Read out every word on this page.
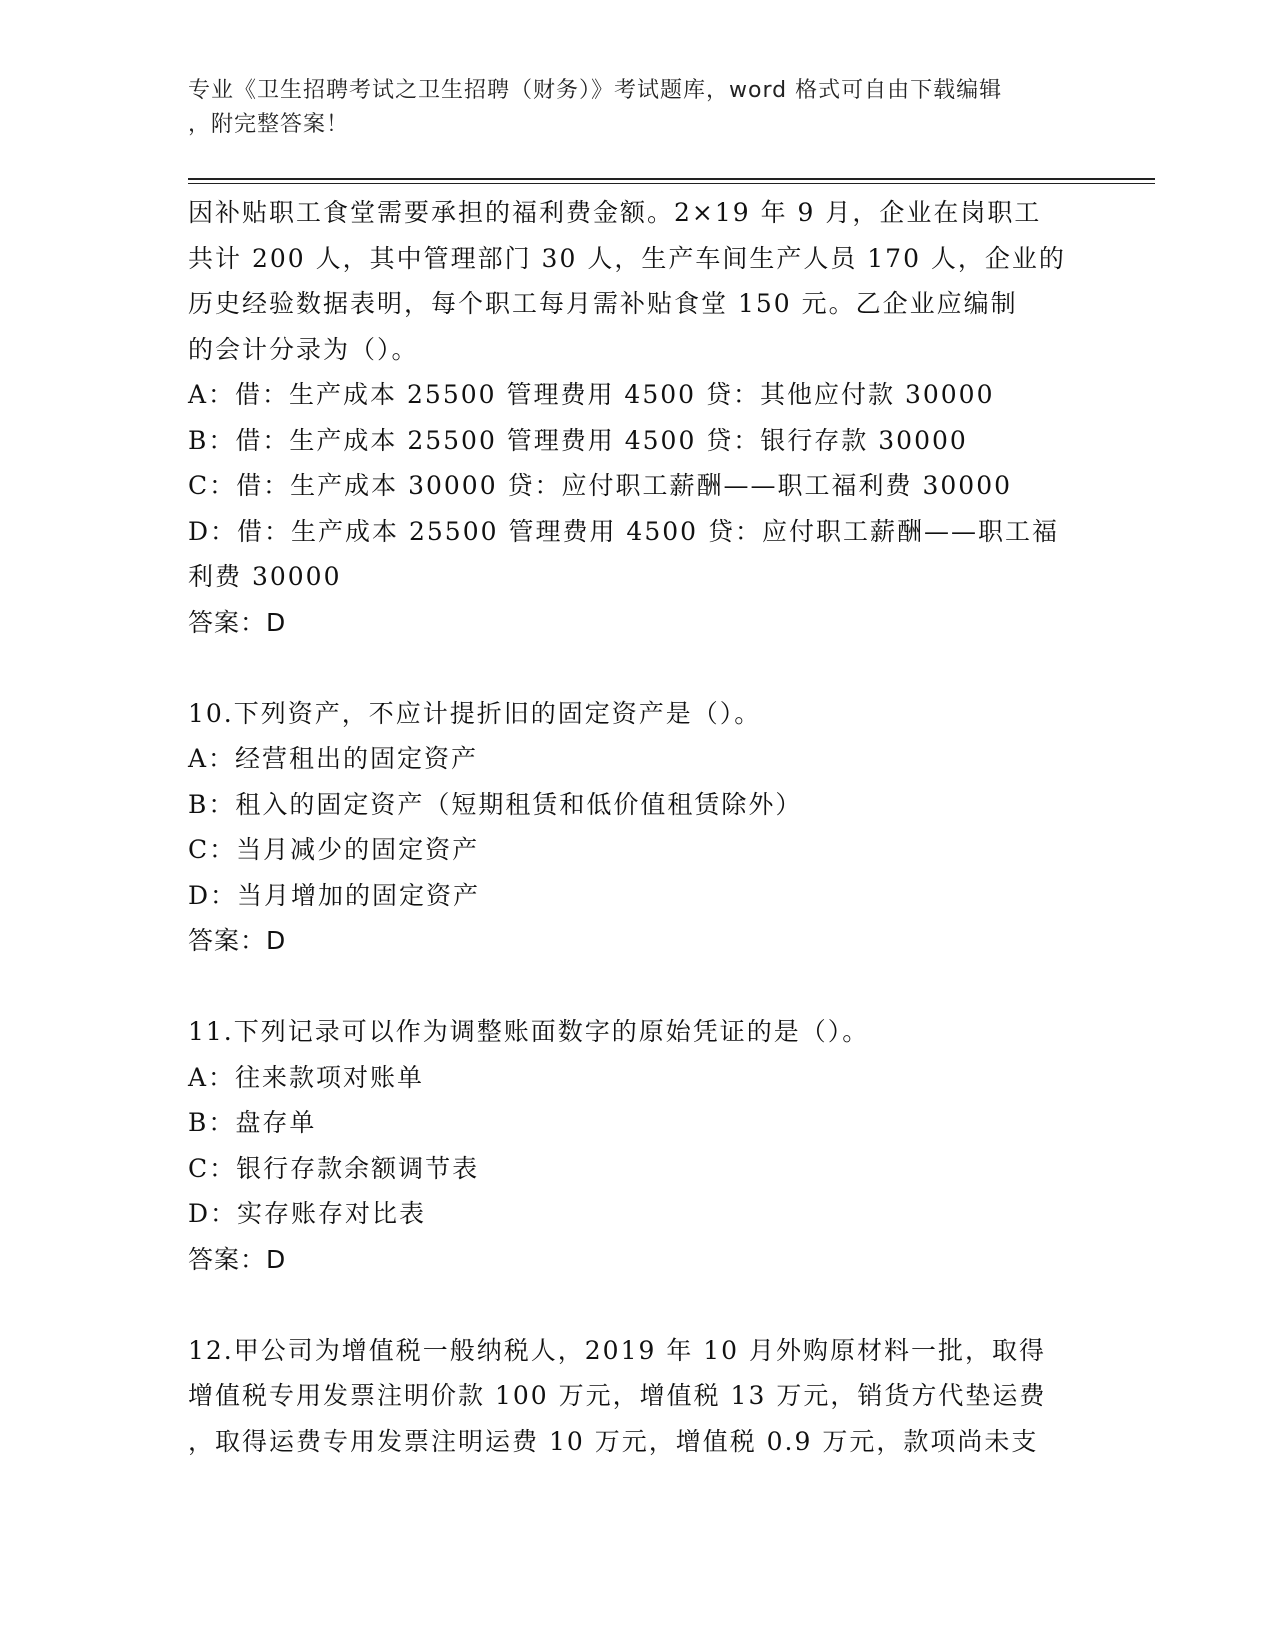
专业《卫生招聘考试之卫生招聘（财务）》考试题库，word 格式可自由下载编辑
，附完整答案！
因补贴职工食堂需要承担的福利费金额。2×19 年 9 月，企业在岗职工
共计 200 人，其中管理部门 30 人，生产车间生产人员 170 人，企业的
历史经验数据表明，每个职工每月需补贴食堂 150 元。乙企业应编制
的会计分录为（）。
A：借：生产成本 25500 管理费用 4500 贷：其他应付款 30000
B：借：生产成本 25500 管理费用 4500 贷：银行存款 30000
C：借：生产成本 30000 贷：应付职工薪酬——职工福利费 30000
D：借：生产成本 25500 管理费用 4500 贷：应付职工薪酬——职工福
利费 30000
答案：D
10.下列资产，不应计提折旧的固定资产是（）。
A：经营租出的固定资产
B：租入的固定资产（短期租赁和低价值租赁除外）
C：当月减少的固定资产
D：当月增加的固定资产
答案：D
11.下列记录可以作为调整账面数字的原始凭证的是（）。
A：往来款项对账单
B：盘存单
C：银行存款余额调节表
D：实存账存对比表
答案：D
12.甲公司为增值税一般纳税人，2019 年 10 月外购原材料一批，取得
增值税专用发票注明价款 100 万元，增值税 13 万元，销货方代垫运费
，取得运费专用发票注明运费 10 万元，增值税 0.9 万元，款项尚未支
